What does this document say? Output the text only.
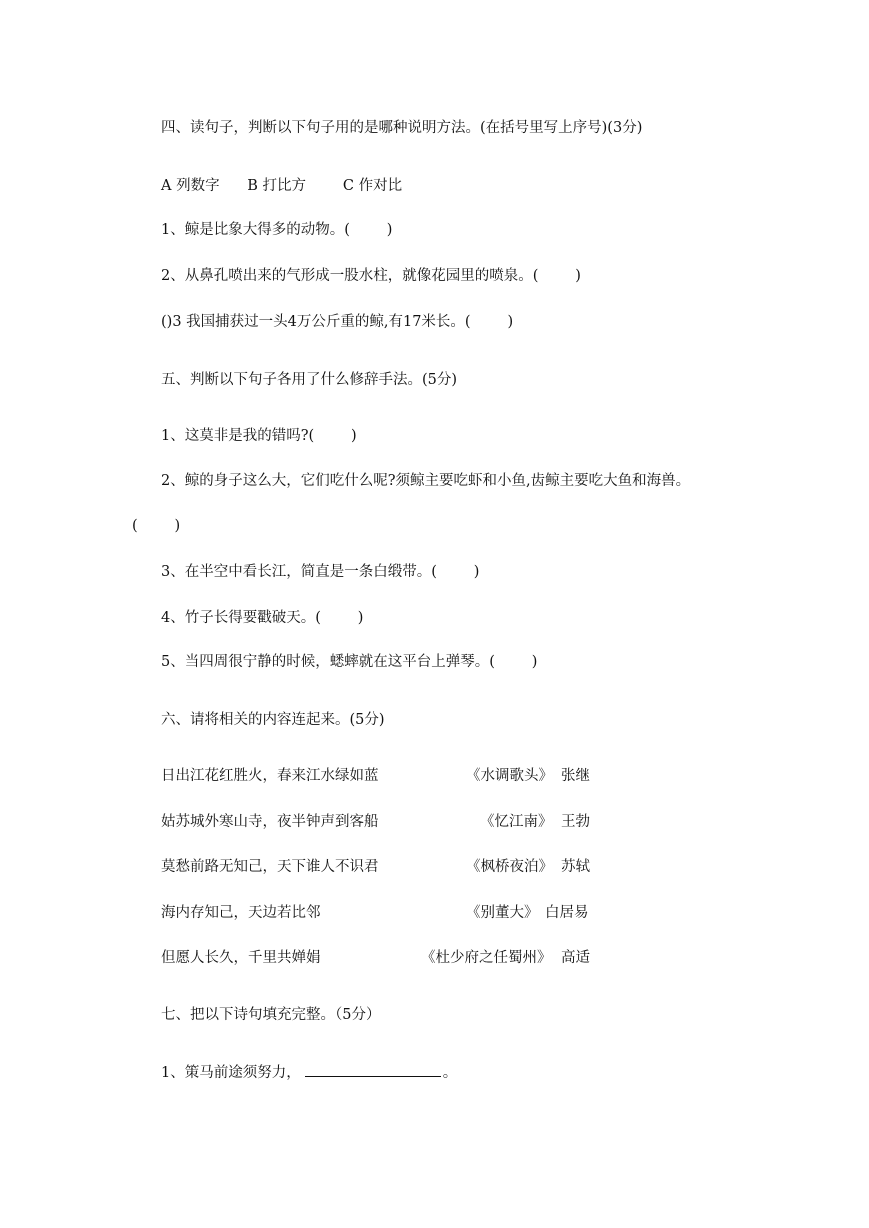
四、读句子，判断以下句子用的是哪种说明方法。(在括号里写上序号)(3分)
A 列数字      B 打比方        C 作对比
1、鲸是比象大得多的动物。(        )
2、从鼻孔喷出来的气形成一股水柱，就像花园里的喷泉。(        )
()3 我国捕获过一头4万公斤重的鲸,有17米长。(        )
五、判断以下句子各用了什么修辞手法。(5分)
1、这莫非是我的错吗?(        )
2、鲸的身子这么大，它们吃什么呢?须鲸主要吃虾和小鱼,齿鲸主要吃大鱼和海兽。
(        )
3、在半空中看长江，简直是一条白缎带。(        )
4、竹子长得要戳破天。(        )
5、当四周很宁静的时候，蟋蟀就在这平台上弹琴。(        )
六、请将相关的内容连起来。(5分)
日出江花红胜火，春来江水绿如蓝	《水调歌头》 张继
姑苏城外寒山寺，夜半钟声到客船	《忆江南》 王勃
莫愁前路无知己，天下谁人不识君	《枫桥夜泊》 苏轼
海内存知己，天边若比邻	《别董大》 白居易
但愿人长久，千里共婵娟	《杜少府之任蜀州》 高适
七、把以下诗句填充完整。（5分）
1、策马前途须努力，	。
